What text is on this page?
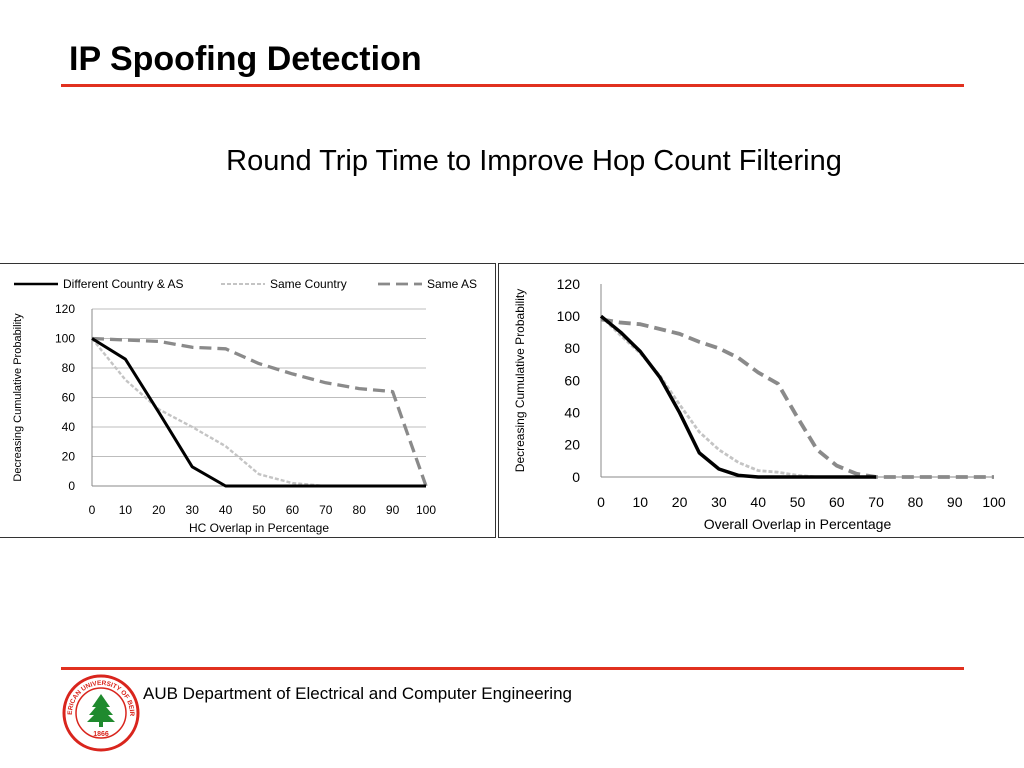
IP Spoofing Detection
Round Trip Time to Improve Hop Count Filtering
0
20
40
60
80
100
120
0 10 20 30 40 50 60 70 80 90 100
HC Overlap in Percentage
Decreasing Cumulative Probability
Different Country & AS	Same Country	Same AS
0
20
40
60
80
100
120
0 10 20 30 40 50 60 70 80 90 100
Overall Overlap in Percentage
Decreasing Cumulative Probability
ERICAN UNIVERSITY OF BEIR
1866
AUB Department of Electrical and Computer Engineering
